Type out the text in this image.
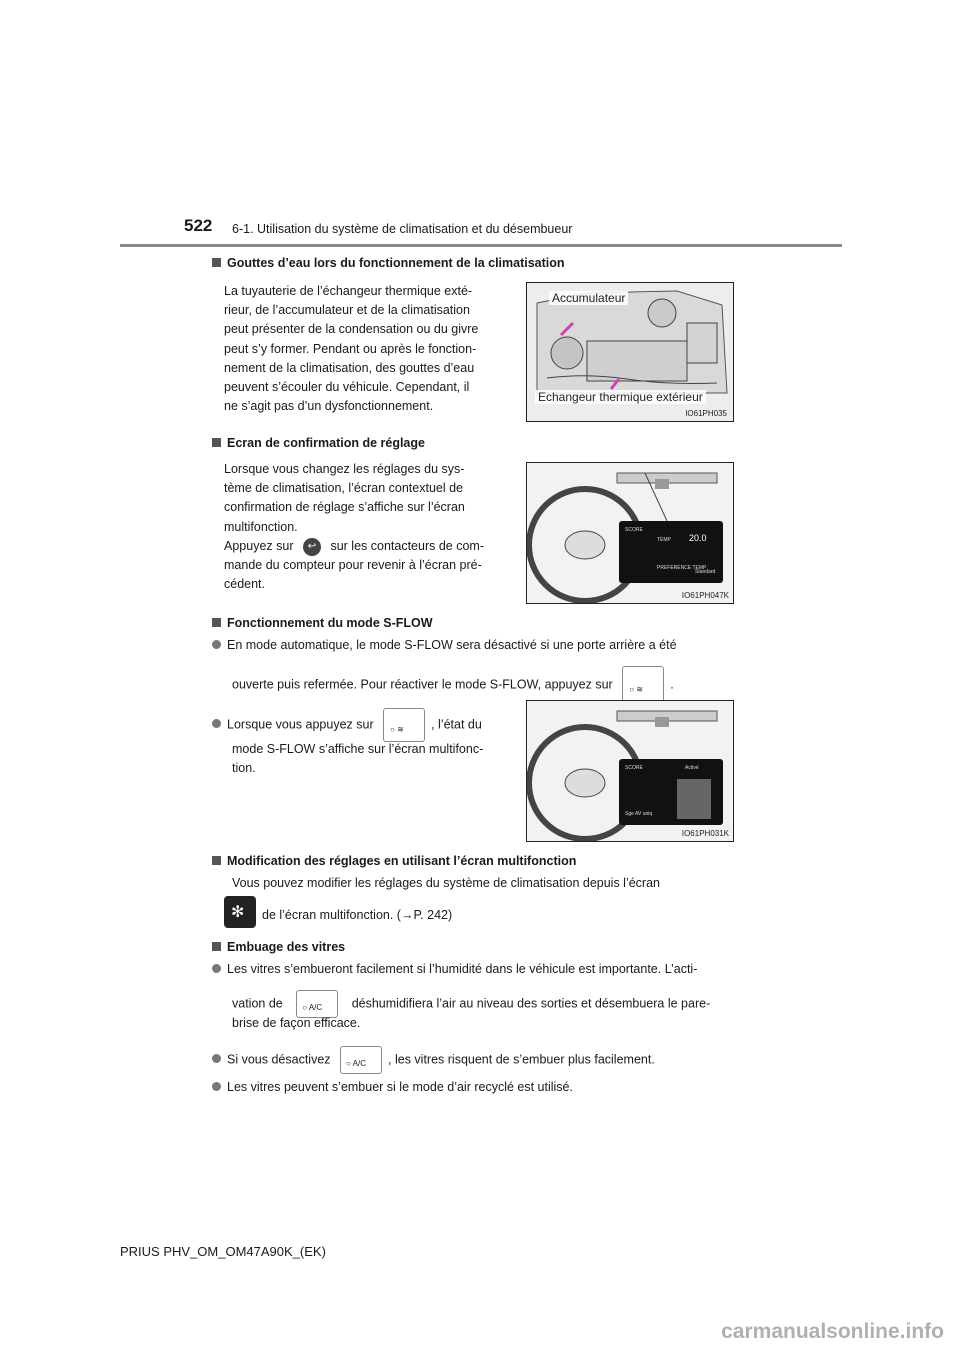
522 6-1. Utilisation du système de climatisation et du désembueur
Gouttes d’eau lors du fonctionnement de la climatisation
La tuyauterie de l’échangeur thermique exté-
rieur, de l’accumulateur et de la climatisation
peut présenter de la condensation ou du givre
peut s’y former. Pendant ou après le fonction-
nement de la climatisation, des gouttes d’eau
peuvent s’écouler du véhicule. Cependant, il
ne s’agit pas d’un dysfonctionnement.
Accumulateur
Echangeur thermique extérieur
IO61PH035
Ecran de confirmation de réglage
Lorsque vous changez les réglages du sys-
tème de climatisation, l’écran contextuel de
confirmation de réglage s’affiche sur l’écran
multifonction.
Appuyez sur ↩ sur les contacteurs de com-
mande du compteur pour revenir à l’écran pré-
cédent.
SCORE
TEMP 20.0
PREFERENCE TEMP
Standard
IO61PH047K
Fonctionnement du mode S-FLOW
En mode automatique, le mode S-FLOW sera désactivé si une porte arrière a été
ouverte puis refermée. Pour réactiver le mode S-FLOW, appuyez sur ○ ≋ .
Lorsque vous appuyez sur ○ ≋ , l’état du
mode S-FLOW s’affiche sur l’écran multifonc-
tion.	SCORE	Activé
Sge AV uniq
IO61PH031K
Modification des réglages en utilisant l’écran multifonction
Vous pouvez modifier les réglages du système de climatisation depuis l’écran
✻ de l’écran multifonction. (→P. 242)
Embuage des vitres
Les vitres s’embueront facilement si l’humidité dans le véhicule est importante. L’acti-
vation de ○ A/C déshumidifiera l’air au niveau des sorties et désembuera le pare-
brise de façon efficace.
Si vous désactivez ○ A/C , les vitres risquent de s’embuer plus facilement.
Les vitres peuvent s’embuer si le mode d’air recyclé est utilisé.
PRIUS PHV_OM_OM47A90K_(EK)
carmanualsonline.info
